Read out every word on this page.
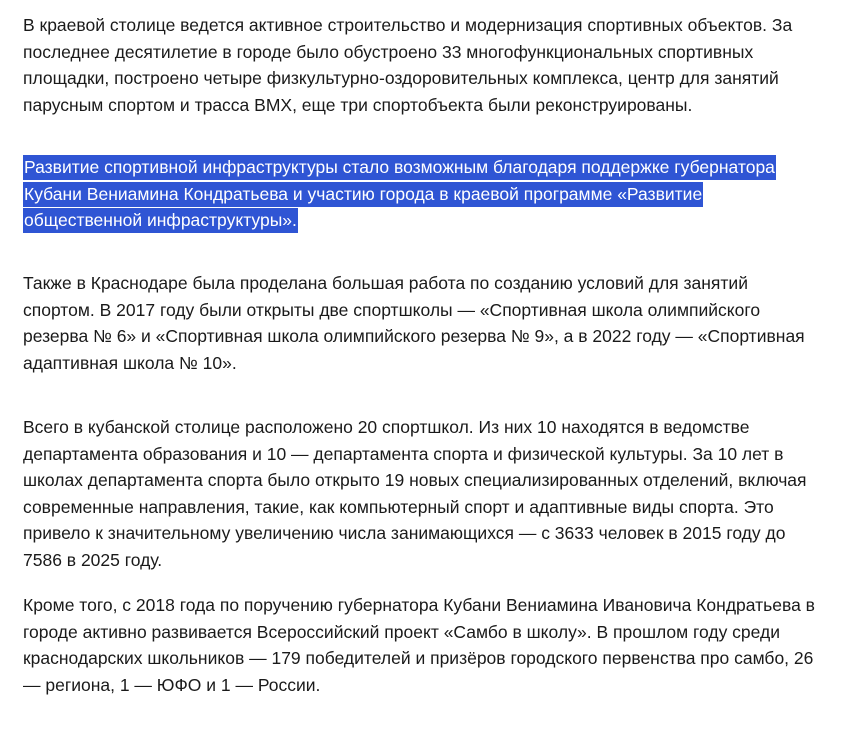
В краевой столице ведется активное строительство и модернизация спортивных объектов. За последнее десятилетие в городе было обустроено 33 многофункциональных спортивных площадки, построено четыре физкультурно-оздоровительных комплекса, центр для занятий парусным спортом и трасса BMX, еще три спортобъекта были реконструированы.

Развитие спортивной инфраструктуры стало возможным благодаря поддержке губернатора Кубани Вениамина Кондратьева и участию города в краевой программе «Развитие общественной инфраструктуры».

Также в Краснодаре была проделана большая работа по созданию условий для занятий спортом. В 2017 году были открыты две спортшколы — «Спортивная школа олимпийского резерва № 6» и «Спортивная школа олимпийского резерва № 9», а в 2022 году — «Спортивная адаптивная школа № 10».

Всего в кубанской столице расположено 20 спортшкол. Из них 10 находятся в ведомстве департамента образования и 10 — департамента спорта и физической культуры. За 10 лет в школах департамента спорта было открыто 19 новых специализированных отделений, включая современные направления, такие, как компьютерный спорт и адаптивные виды спорта. Это привело к значительному увеличению числа занимающихся — с 3633 человек в 2015 году до 7586 в 2025 году.

Кроме того, с 2018 года по поручению губернатора Кубани Вениамина Ивановича Кондратьева в городе активно развивается Всероссийский проект «Самбо в школу». В прошлом году среди краснодарских школьников — 179 победителей и призёров городского первенства про самбо, 26 — региона, 1 — ЮФО и 1 — России.
